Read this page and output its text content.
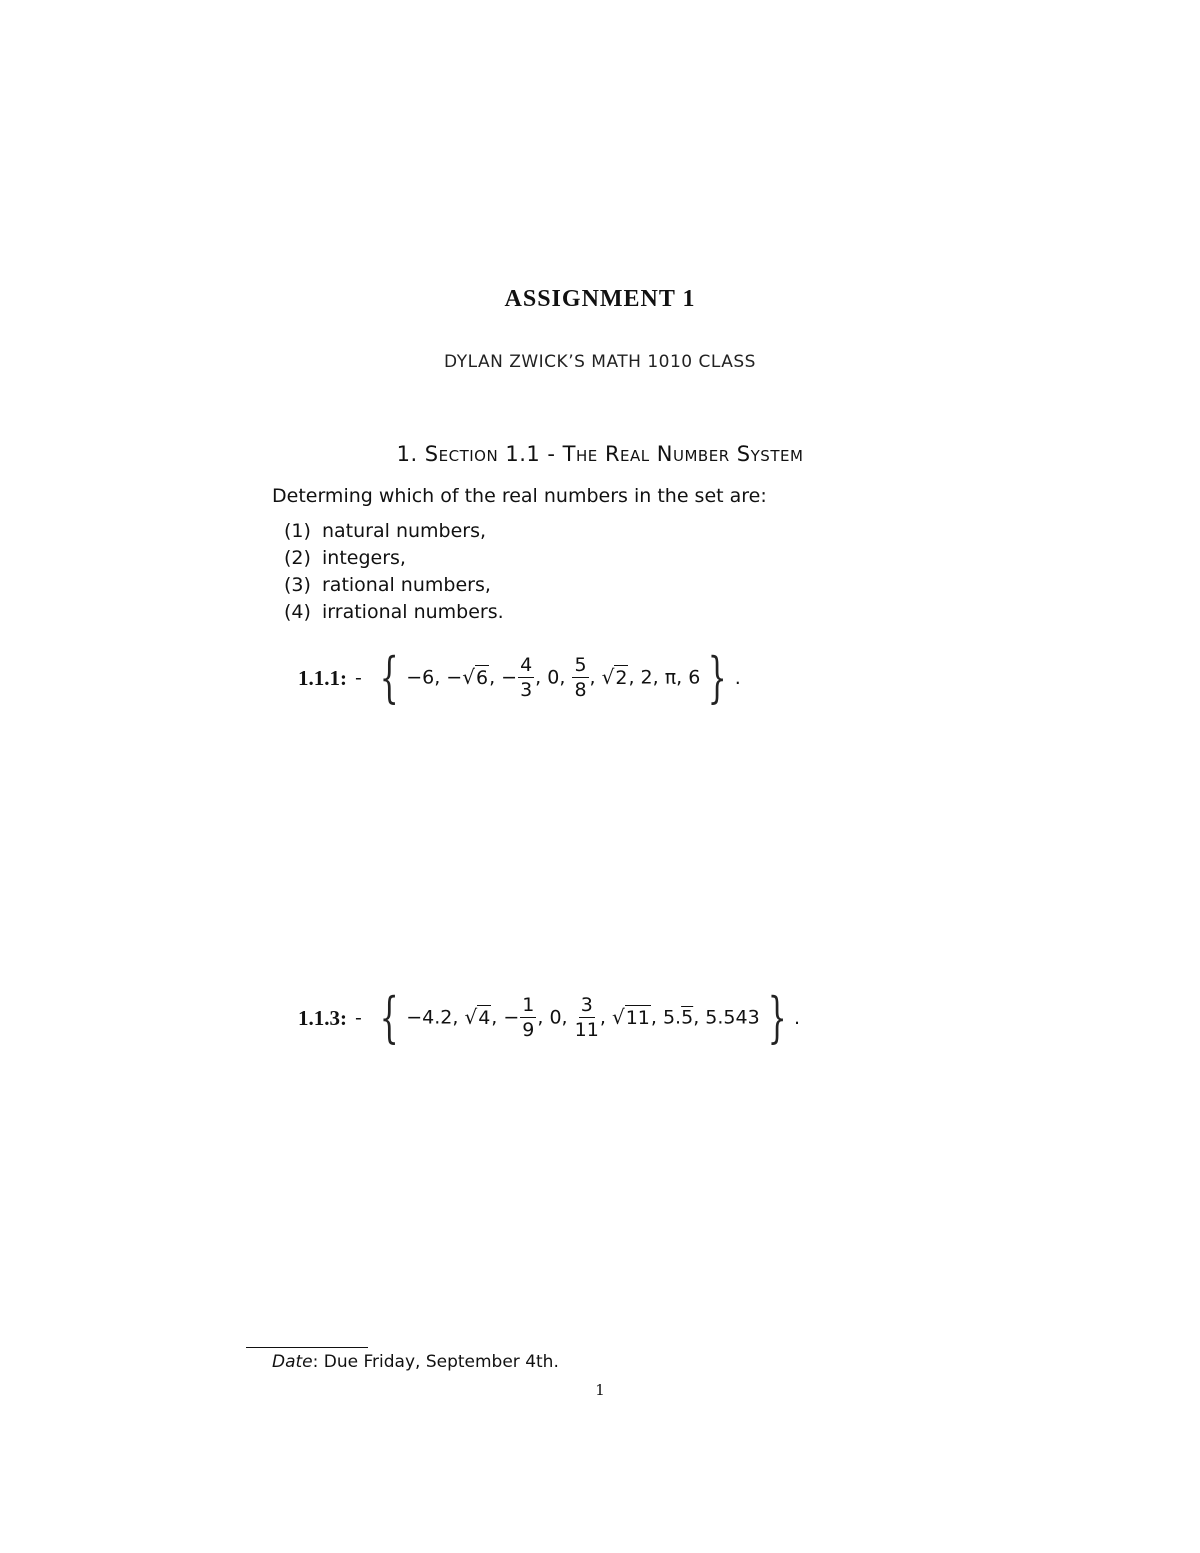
ASSIGNMENT 1
DYLAN ZWICK’S MATH 1010 CLASS
1. Section 1.1 - The Real Number System
Determing which of the real numbers in the set are:
(1) natural numbers,
(2) integers,
(3) rational numbers,
(4) irrational numbers.
1.1.1: - { −6, − √ 6 , − $\frac{4}{3}$ , 0, $\frac{5}{8}$ , √ 2 , 2, π, 6 } .
1.1.3: - { −4.2, √ 4 , − $\frac{1}{9}$ , 0, $\frac{3}{11}$ , √ 11 , 5.5, 5.543 } .
Date: Due Friday, September 4th.
1
